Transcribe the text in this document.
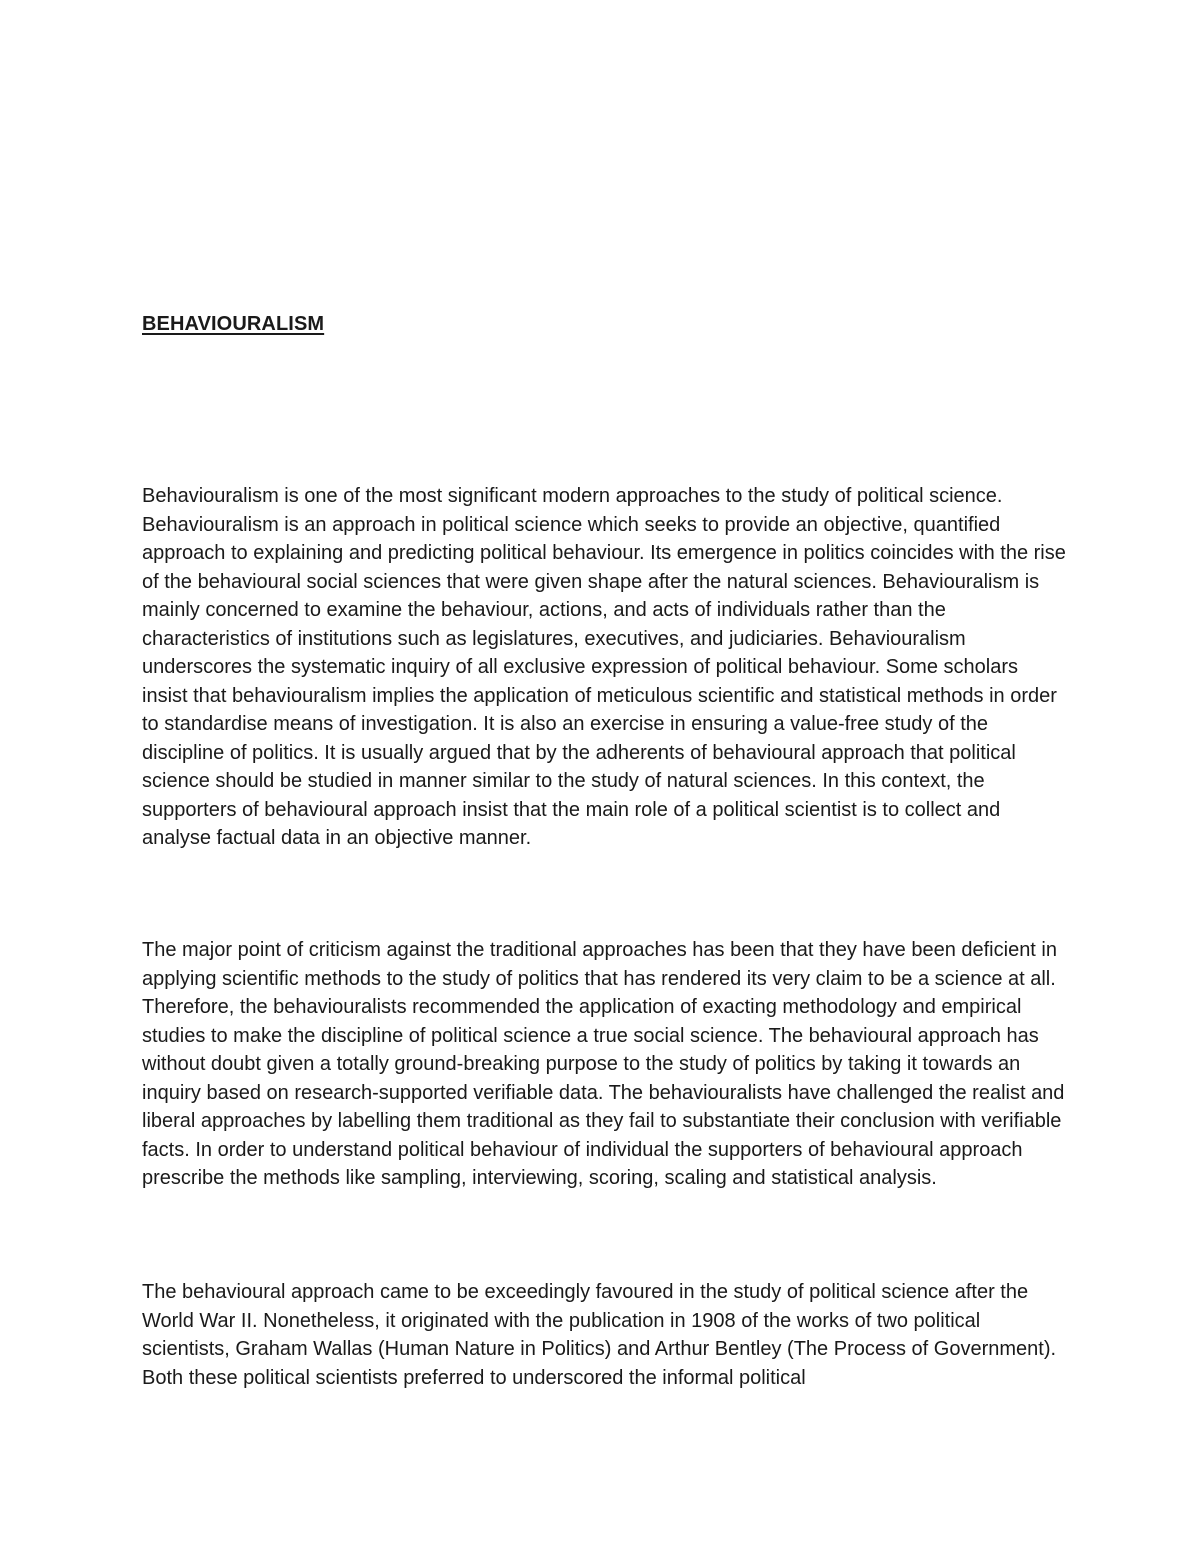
BEHAVIOURALISM

Behaviouralism is one of the most significant modern approaches to the study of political science. Behaviouralism is an approach in political science which seeks to provide an objective, quantified approach to explaining and predicting political behaviour. Its emergence in politics coincides with the rise of the behavioural social sciences that were given shape after the natural sciences. Behaviouralism is mainly concerned to examine the behaviour, actions, and acts of individuals rather than the characteristics of institutions such as legislatures, executives, and judiciaries. Behaviouralism underscores the systematic inquiry of all exclusive expression of political behaviour. Some scholars insist that behaviouralism implies the application of meticulous scientific and statistical methods in order to standardise means of investigation. It is also an exercise in ensuring a value-free study of the discipline of politics. It is usually argued that by the adherents of behavioural approach that political science should be studied in manner similar to the study of natural sciences. In this context, the supporters of behavioural approach insist that the main role of a political scientist is to collect and analyse factual data in an objective manner.

The major point of criticism against the traditional approaches has been that they have been deficient in applying scientific methods to the study of politics that has rendered its very claim to be a science at all. Therefore, the behaviouralists recommended the application of exacting methodology and empirical studies to make the discipline of political science a true social science. The behavioural approach has without doubt given a totally ground-breaking purpose to the study of politics by taking it towards an inquiry based on research-supported verifiable data. The behaviouralists have challenged the realist and liberal approaches by labelling them traditional as they fail to substantiate their conclusion with verifiable facts. In order to understand political behaviour of individual the supporters of behavioural approach prescribe the methods like sampling, interviewing, scoring, scaling and statistical analysis.

The behavioural approach came to be exceedingly favoured in the study of political science after the World War II. Nonetheless, it originated with the publication in 1908 of the works of two political scientists, Graham Wallas (Human Nature in Politics) and Arthur Bentley (The Process of Government). Both these political scientists preferred to underscored the informal political
